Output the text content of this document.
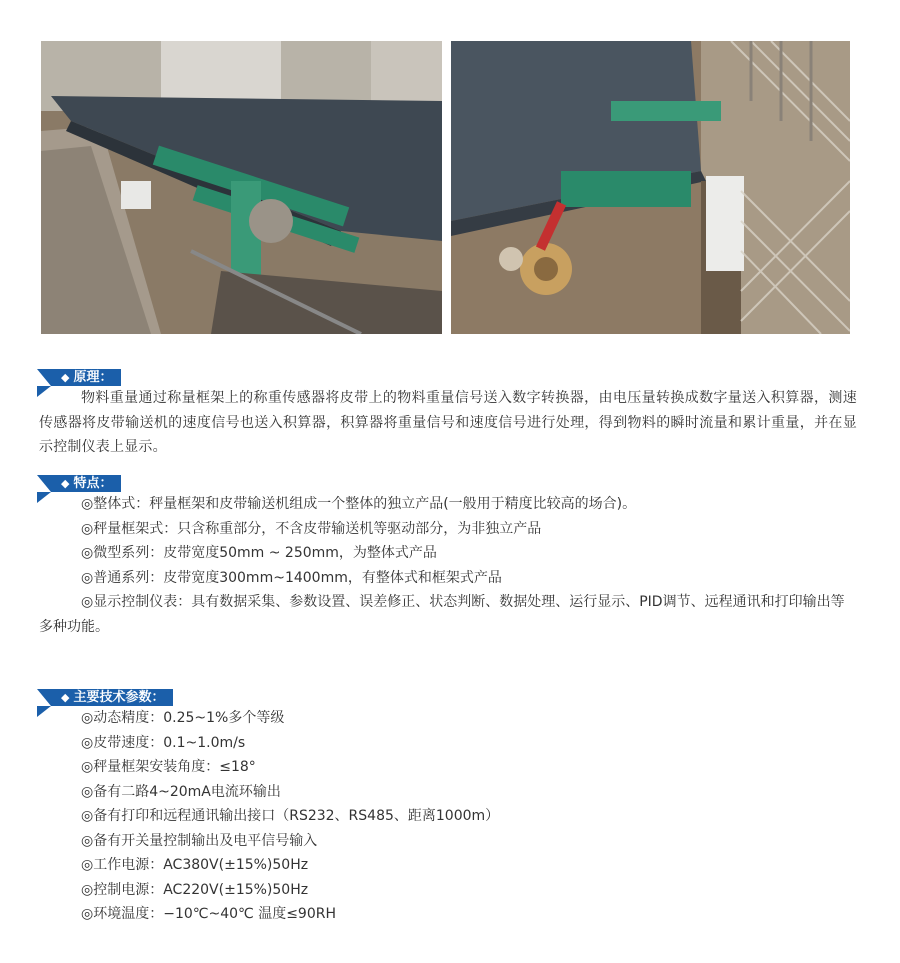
◆ 原理：

物料重量通过称量框架上的称重传感器将皮带上的物料重量信号送入数字转换器，由电压量转换成数字量送入积算器，测速传感器将皮带输送机的速度信号也送入积算器，积算器将重量信号和速度信号进行处理，得到物料的瞬时流量和累计重量，并在显示控制仪表上显示。

◆ 特点：
◎整体式：秤量框架和皮带输送机组成一个整体的独立产品(一般用于精度比较高的场合)。
◎秤量框架式：只含称重部分，不含皮带输送机等驱动部分，为非独立产品
◎微型系列：皮带宽度50mm ~ 250mm，为整体式产品
◎普通系列：皮带宽度300mm~1400mm，有整体式和框架式产品
◎显示控制仪表：具有数据采集、参数设置、误差修正、状态判断、数据处理、运行显示、PID调节、远程通讯和打印输出等多种功能。
◆ 主要技术参数：
◎动态精度：0.25~1%多个等级
◎皮带速度：0.1~1.0m/s
◎秤量框架安装角度：≤18°
◎备有二路4~20mA电流环输出
◎备有打印和远程通讯输出接口（RS232、RS485、距离1000m）
◎备有开关量控制输出及电平信号输入
◎工作电源：AC380V(±15%)50Hz
◎控制电源：AC220V(±15%)50Hz
◎环境温度：−10℃~40℃ 温度≤90RH
